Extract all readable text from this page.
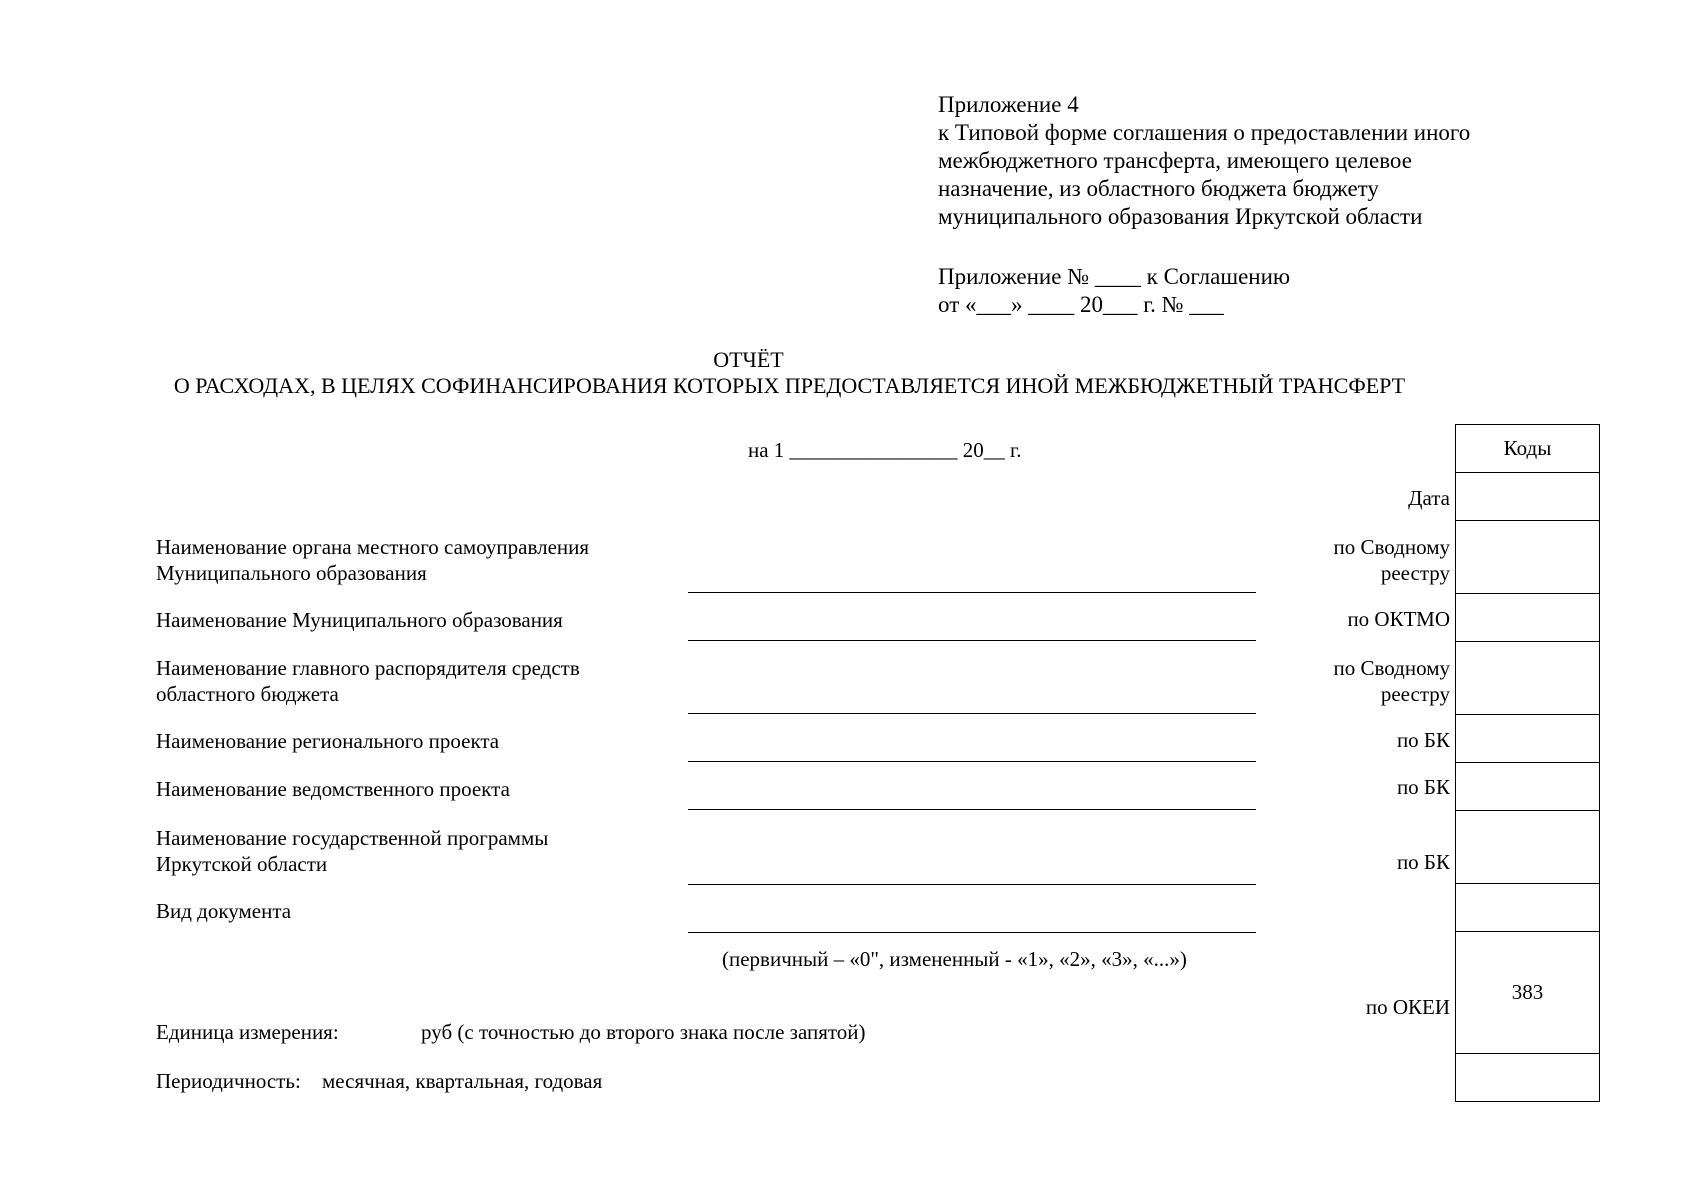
Приложение 4
к Типовой форме соглашения о предоставлении иного
межбюджетного трансферта, имеющего целевое
назначение, из областного бюджета бюджету
муниципального образования Иркутской области
Приложение № ____ к Соглашению
от «___» ____ 20___ г. № ___
ОТЧЁТ
О РАСХОДАХ, В ЦЕЛЯХ СОФИНАНСИРОВАНИЯ КОТОРЫХ ПРЕДОСТАВЛЯЕТСЯ ИНОЙ МЕЖБЮДЖЕТНЫЙ ТРАНСФЕРТ
на 1 ________________ 20__ г.
Наименование органа местного самоуправления
Муниципального образования
Наименование Муниципального образования
Наименование главного распорядителя средств
областного бюджета
Наименование регионального проекта
Наименование ведомственного проекта
Наименование государственной программы
Иркутской области
Вид документа
(первичный – «0", измененный - «1», «2», «3», «...»)
Единица измерения:	руб (с точностью до второго знака после запятой)
Периодичность: месячная, квартальная, годовая
Дата
по Сводному
реестру
по ОКТМО
по Сводному
реестру
по БК
по БК
по БК
по ОКЕИ
Коды
383
